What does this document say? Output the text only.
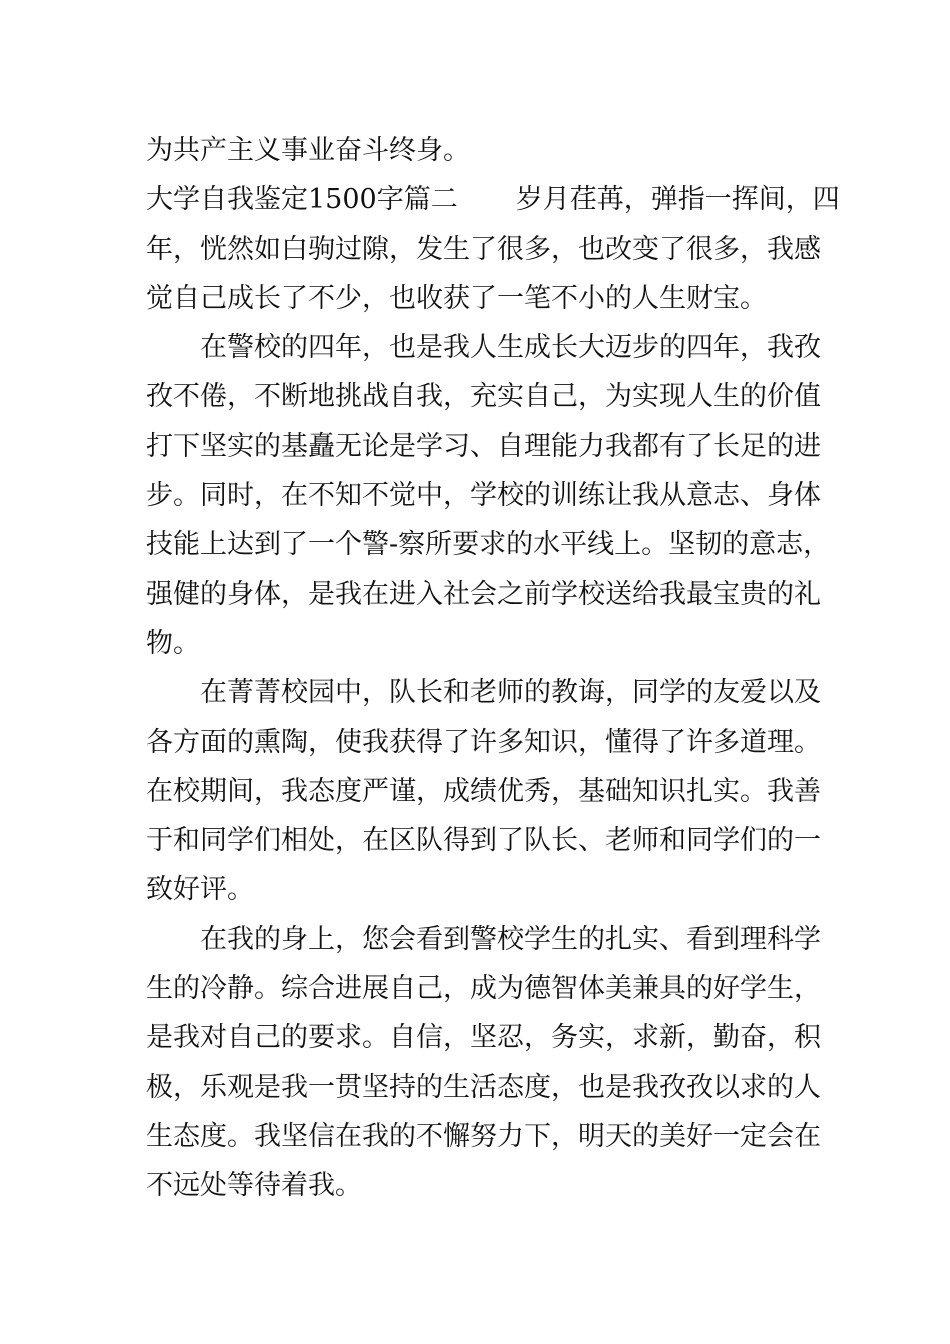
为共产主义事业奋斗终身。
大学自我鉴定1500字篇二 岁月荏苒，弹指一挥间，四
年，恍然如白驹过隙，发生了很多，也改变了很多，我感
觉自己成长了不少，也收获了一笔不小的人生财宝。
在警校的四年，也是我人生成长大迈步的四年，我孜
孜不倦，不断地挑战自我，充实自己，为实现人生的价值
打下坚实的基矗无论是学习、自理能力我都有了长足的进
步。同时，在不知不觉中，学校的训练让我从意志、身体
技能上达到了一个警-察所要求的水平线上。坚韧的意志，
强健的身体，是我在进入社会之前学校送给我最宝贵的礼
物。
在菁菁校园中，队长和老师的教诲，同学的友爱以及
各方面的熏陶，使我获得了许多知识，懂得了许多道理。
在校期间，我态度严谨，成绩优秀，基础知识扎实。我善
于和同学们相处，在区队得到了队长、老师和同学们的一
致好评。
在我的身上，您会看到警校学生的扎实、看到理科学
生的冷静。综合进展自己，成为德智体美兼具的好学生，
是我对自己的要求。自信，坚忍，务实，求新，勤奋，积
极，乐观是我一贯坚持的生活态度，也是我孜孜以求的人
生态度。我坚信在我的不懈努力下，明天的美好一定会在
不远处等待着我。
